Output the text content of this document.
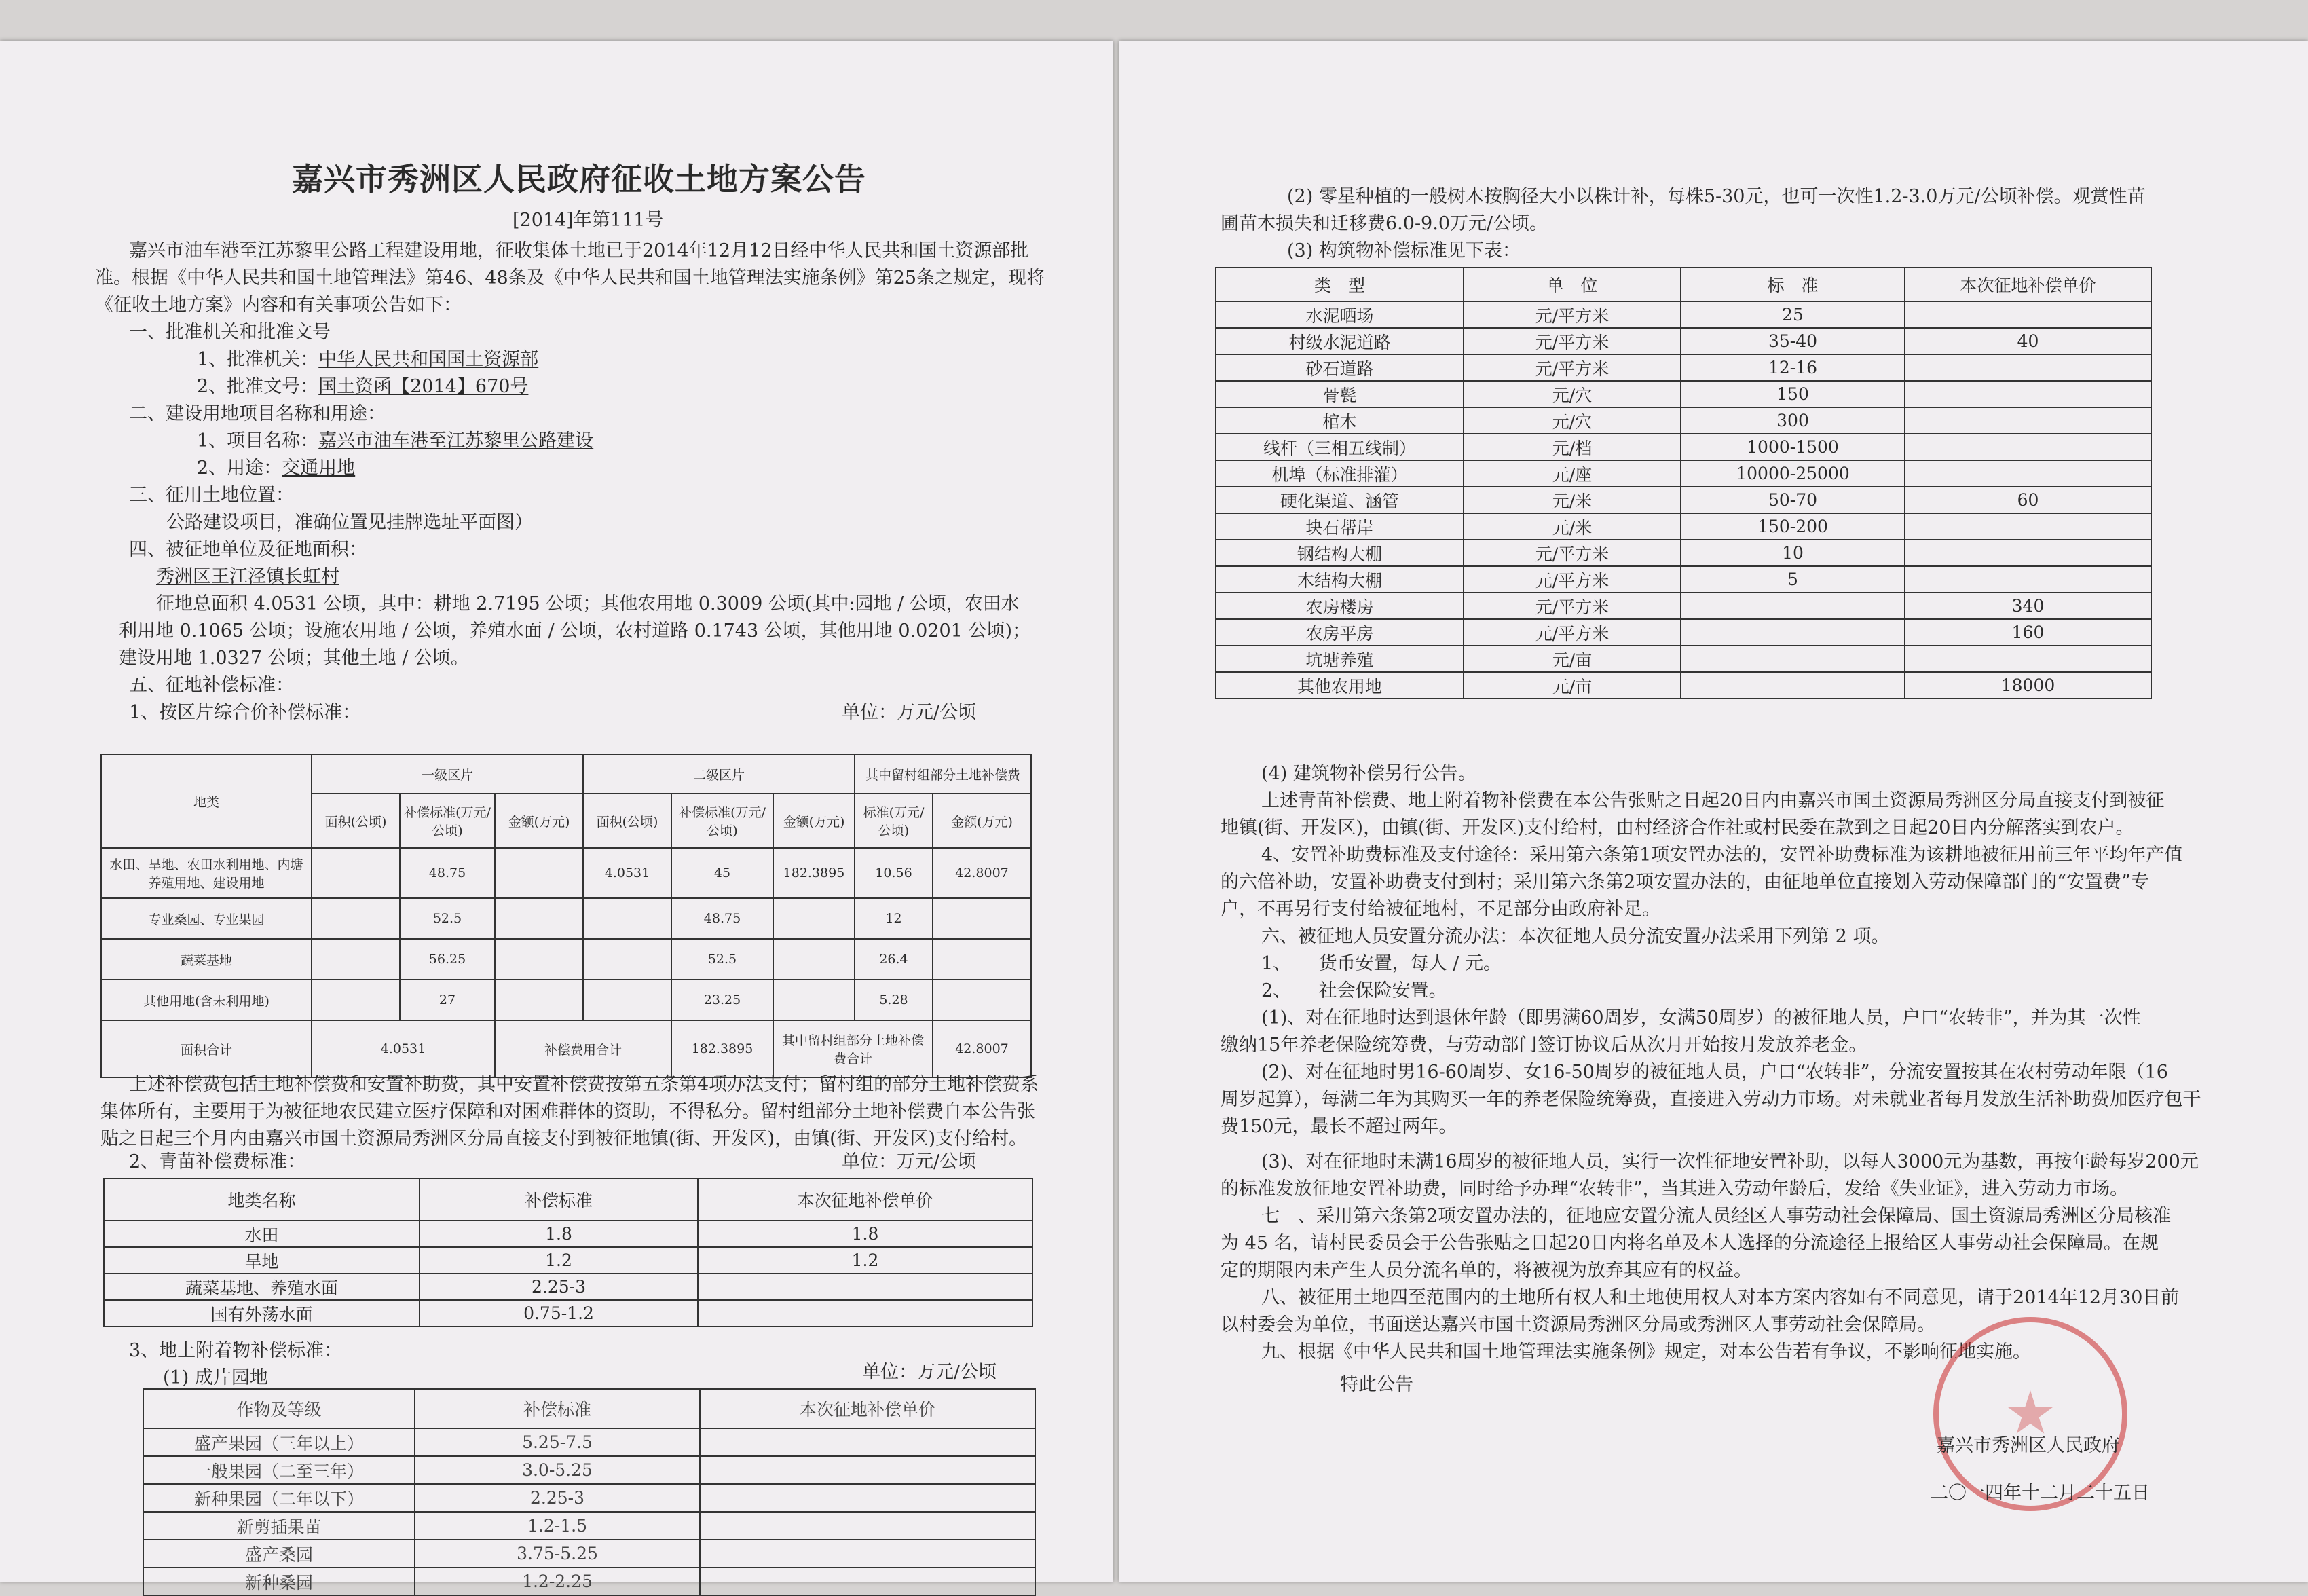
嘉兴市秀洲区人民政府征收土地方案公告
[2014]年第111号
嘉兴市油车港至江苏黎里公路工程建设用地，征收集体土地已于2014年12月12日经中华人民共和国土资源部批
准。根据《中华人民共和国土地管理法》第46、48条及《中华人民共和国土地管理法实施条例》第25条之规定，现将
《征收土地方案》内容和有关事项公告如下：
一、批准机关和批准文号
1、批准机关：中华人民共和国国土资源部
2、批准文号：国土资函【2014】670号
二、建设用地项目名称和用途：
1、项目名称：嘉兴市油车港至江苏黎里公路建设
2、用途：交通用地
三、征用土地位置：
公路建设项目，准确位置见挂牌选址平面图）
四、被征地单位及征地面积：
秀洲区王江泾镇长虹村
征地总面积 4.0531 公顷，其中：耕地 2.7195 公顷；其他农用地 0.3009 公顷(其中:园地 / 公顷，农田水
利用地 0.1065 公顷；设施农用地 / 公顷，养殖水面 / 公顷，农村道路 0.1743 公顷，其他用地 0.0201 公顷)；
建设用地 1.0327 公顷；其他土地 / 公顷。
五、征地补偿标准：
1、按区片综合价补偿标准：	单位：万元/公顷
地类	一级区片			二级区片			其中留村组部分土地补偿费	
	面积(公顷)	补偿标准(万元/公顷)	金额(万元)	面积(公顷)	补偿标准(万元/公顷)	金额(万元)	标准(万元/公顷)	金额(万元)
水田、旱地、农田水利用地、内塘养殖用地、建设用地		48.75		4.0531	45	182.3895	10.56	42.8007
专业桑园、专业果园		52.5			48.75		12	
蔬菜基地		56.25			52.5		26.4	
其他用地(含未利用地)		27			23.25		5.28	
面积合计	4.0531		补偿费用合计		182.3895	其中留村组部分土地补偿费合计		42.8007
上述补偿费包括土地补偿费和安置补助费，其中安置补偿费按第五条第4项办法支付；留村组的部分土地补偿费系
集体所有，主要用于为被征地农民建立医疗保障和对困难群体的资助，不得私分。留村组部分土地补偿费自本公告张
贴之日起三个月内由嘉兴市国土资源局秀洲区分局直接支付到被征地镇(街、开发区)，由镇(街、开发区)支付给村。
2、青苗补偿费标准：	单位：万元/公顷
地类名称	补偿标准	本次征地补偿单价
水田	1.8	1.8
旱地	1.2	1.2
蔬菜基地、养殖水面	2.25-3	
国有外荡水面	0.75-1.2	
3、地上附着物补偿标准：
(1) 成片园地	单位：万元/公顷
作物及等级	补偿标准	本次征地补偿单价
盛产果园（三年以上）	5.25-7.5	
一般果园（二至三年）	3.0-5.25	
新种果园（二年以下）	2.25-3	
新剪插果苗	1.2-1.5	
盛产桑园	3.75-5.25	
新种桑园	1.2-2.25	
(2) 零星种植的一般树木按胸径大小以株计补，每株5-30元，也可一次性1.2-3.0万元/公顷补偿。观赏性苗
圃苗木损失和迁移费6.0-9.0万元/公顷。
(3) 构筑物补偿标准见下表：
类　型	单　位	标　准	本次征地补偿单价
水泥晒场	元/平方米	25	
村级水泥道路	元/平方米	35-40	40
砂石道路	元/平方米	12-16	
骨甏	元/穴	150	
棺木	元/穴	300	
线杆（三相五线制）	元/档	1000-1500	
机埠（标准排灌）	元/座	10000-25000	
硬化渠道、涵管	元/米	50-70	60
块石帮岸	元/米	150-200	
钢结构大棚	元/平方米	10	
木结构大棚	元/平方米	5	
农房楼房	元/平方米		340
农房平房	元/平方米		160
坑塘养殖	元/亩		
其他农用地	元/亩		18000
(4) 建筑物补偿另行公告。
上述青苗补偿费、地上附着物补偿费在本公告张贴之日起20日内由嘉兴市国土资源局秀洲区分局直接支付到被征
地镇(街、开发区)，由镇(街、开发区)支付给村，由村经济合作社或村民委在款到之日起20日内分解落实到农户。
4、安置补助费标准及支付途径：采用第六条第1项安置办法的，安置补助费标准为该耕地被征用前三年平均年产值
的六倍补助，安置补助费支付到村；采用第六条第2项安置办法的，由征地单位直接划入劳动保障部门的“安置费”专
户，不再另行支付给被征地村，不足部分由政府补足。
六、被征地人员安置分流办法：本次征地人员分流安置办法采用下列第 2 项。
1、　　货币安置，每人 / 元。
2、　　社会保险安置。
(1)、对在征地时达到退休年龄（即男满60周岁，女满50周岁）的被征地人员，户口“农转非”，并为其一次性
缴纳15年养老保险统筹费，与劳动部门签订协议后从次月开始按月发放养老金。
(2)、对在征地时男16-60周岁、女16-50周岁的被征地人员，户口“农转非”，分流安置按其在农村劳动年限（16
周岁起算），每满二年为其购买一年的养老保险统筹费，直接进入劳动力市场。对未就业者每月发放生活补助费加医疗包干
费150元，最长不超过两年。
(3)、对在征地时未满16周岁的被征地人员，实行一次性征地安置补助，以每人3000元为基数，再按年龄每岁200元
的标准发放征地安置补助费，同时给予办理“农转非”，当其进入劳动年龄后，发给《失业证》，进入劳动力市场。
七　、采用第六条第2项安置办法的，征地应安置分流人员经区人事劳动社会保障局、国土资源局秀洲区分局核准
为 45 名，请村民委员会于公告张贴之日起20日内将名单及本人选择的分流途径上报给区人事劳动社会保障局。在规
定的期限内未产生人员分流名单的，将被视为放弃其应有的权益。
八、被征用土地四至范围内的土地所有权人和土地使用权人对本方案内容如有不同意见，请于2014年12月30日前
以村委会为单位，书面送达嘉兴市国土资源局秀洲区分局或秀洲区人事劳动社会保障局。
九、根据《中华人民共和国土地管理法实施条例》规定，对本公告若有争议，不影响征地实施。
特此公告
嘉兴市秀洲区人民政府
二〇一四年十二月二十五日
